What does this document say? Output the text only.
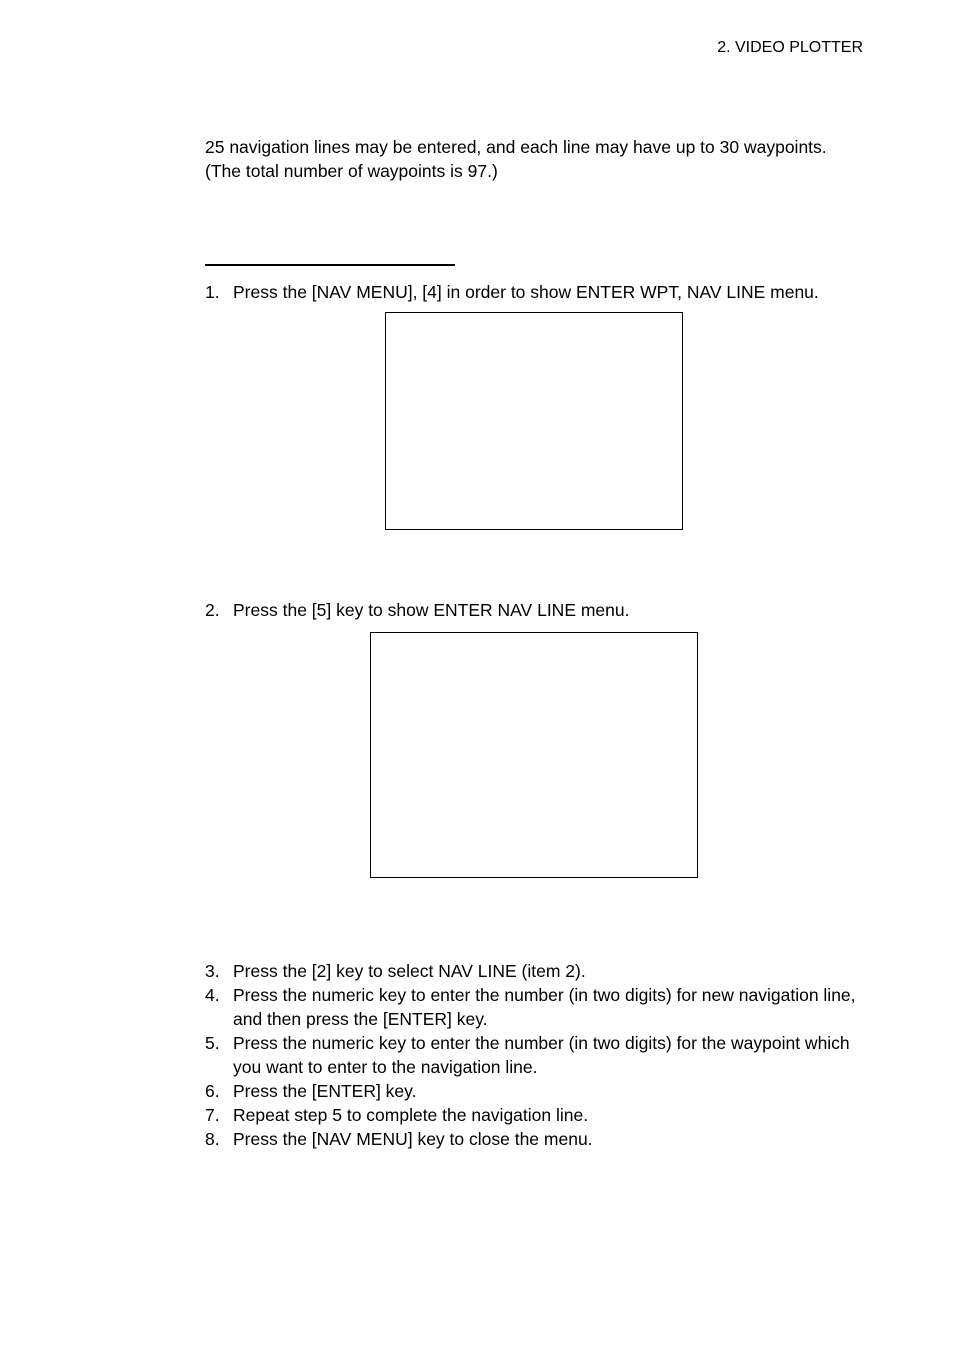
2. VIDEO PLOTTER

25 navigation lines may be entered, and each line may have up to 30 waypoints.

(The total number of waypoints is 97.)

1. Press the [NAV MENU], [4] in order to show ENTER WPT, NAV LINE menu.
2. Press the [5] key to show ENTER NAV LINE menu.
3. Press the [2] key to select NAV LINE (item 2).
4. Press the numeric key to enter the number (in two digits) for new navigation line, and then press the [ENTER] key.
5. Press the numeric key to enter the number (in two digits) for the waypoint which you want to enter to the navigation line.
6. Press the [ENTER] key.
7. Repeat step 5 to complete the navigation line.
8. Press the [NAV MENU] key to close the menu.
